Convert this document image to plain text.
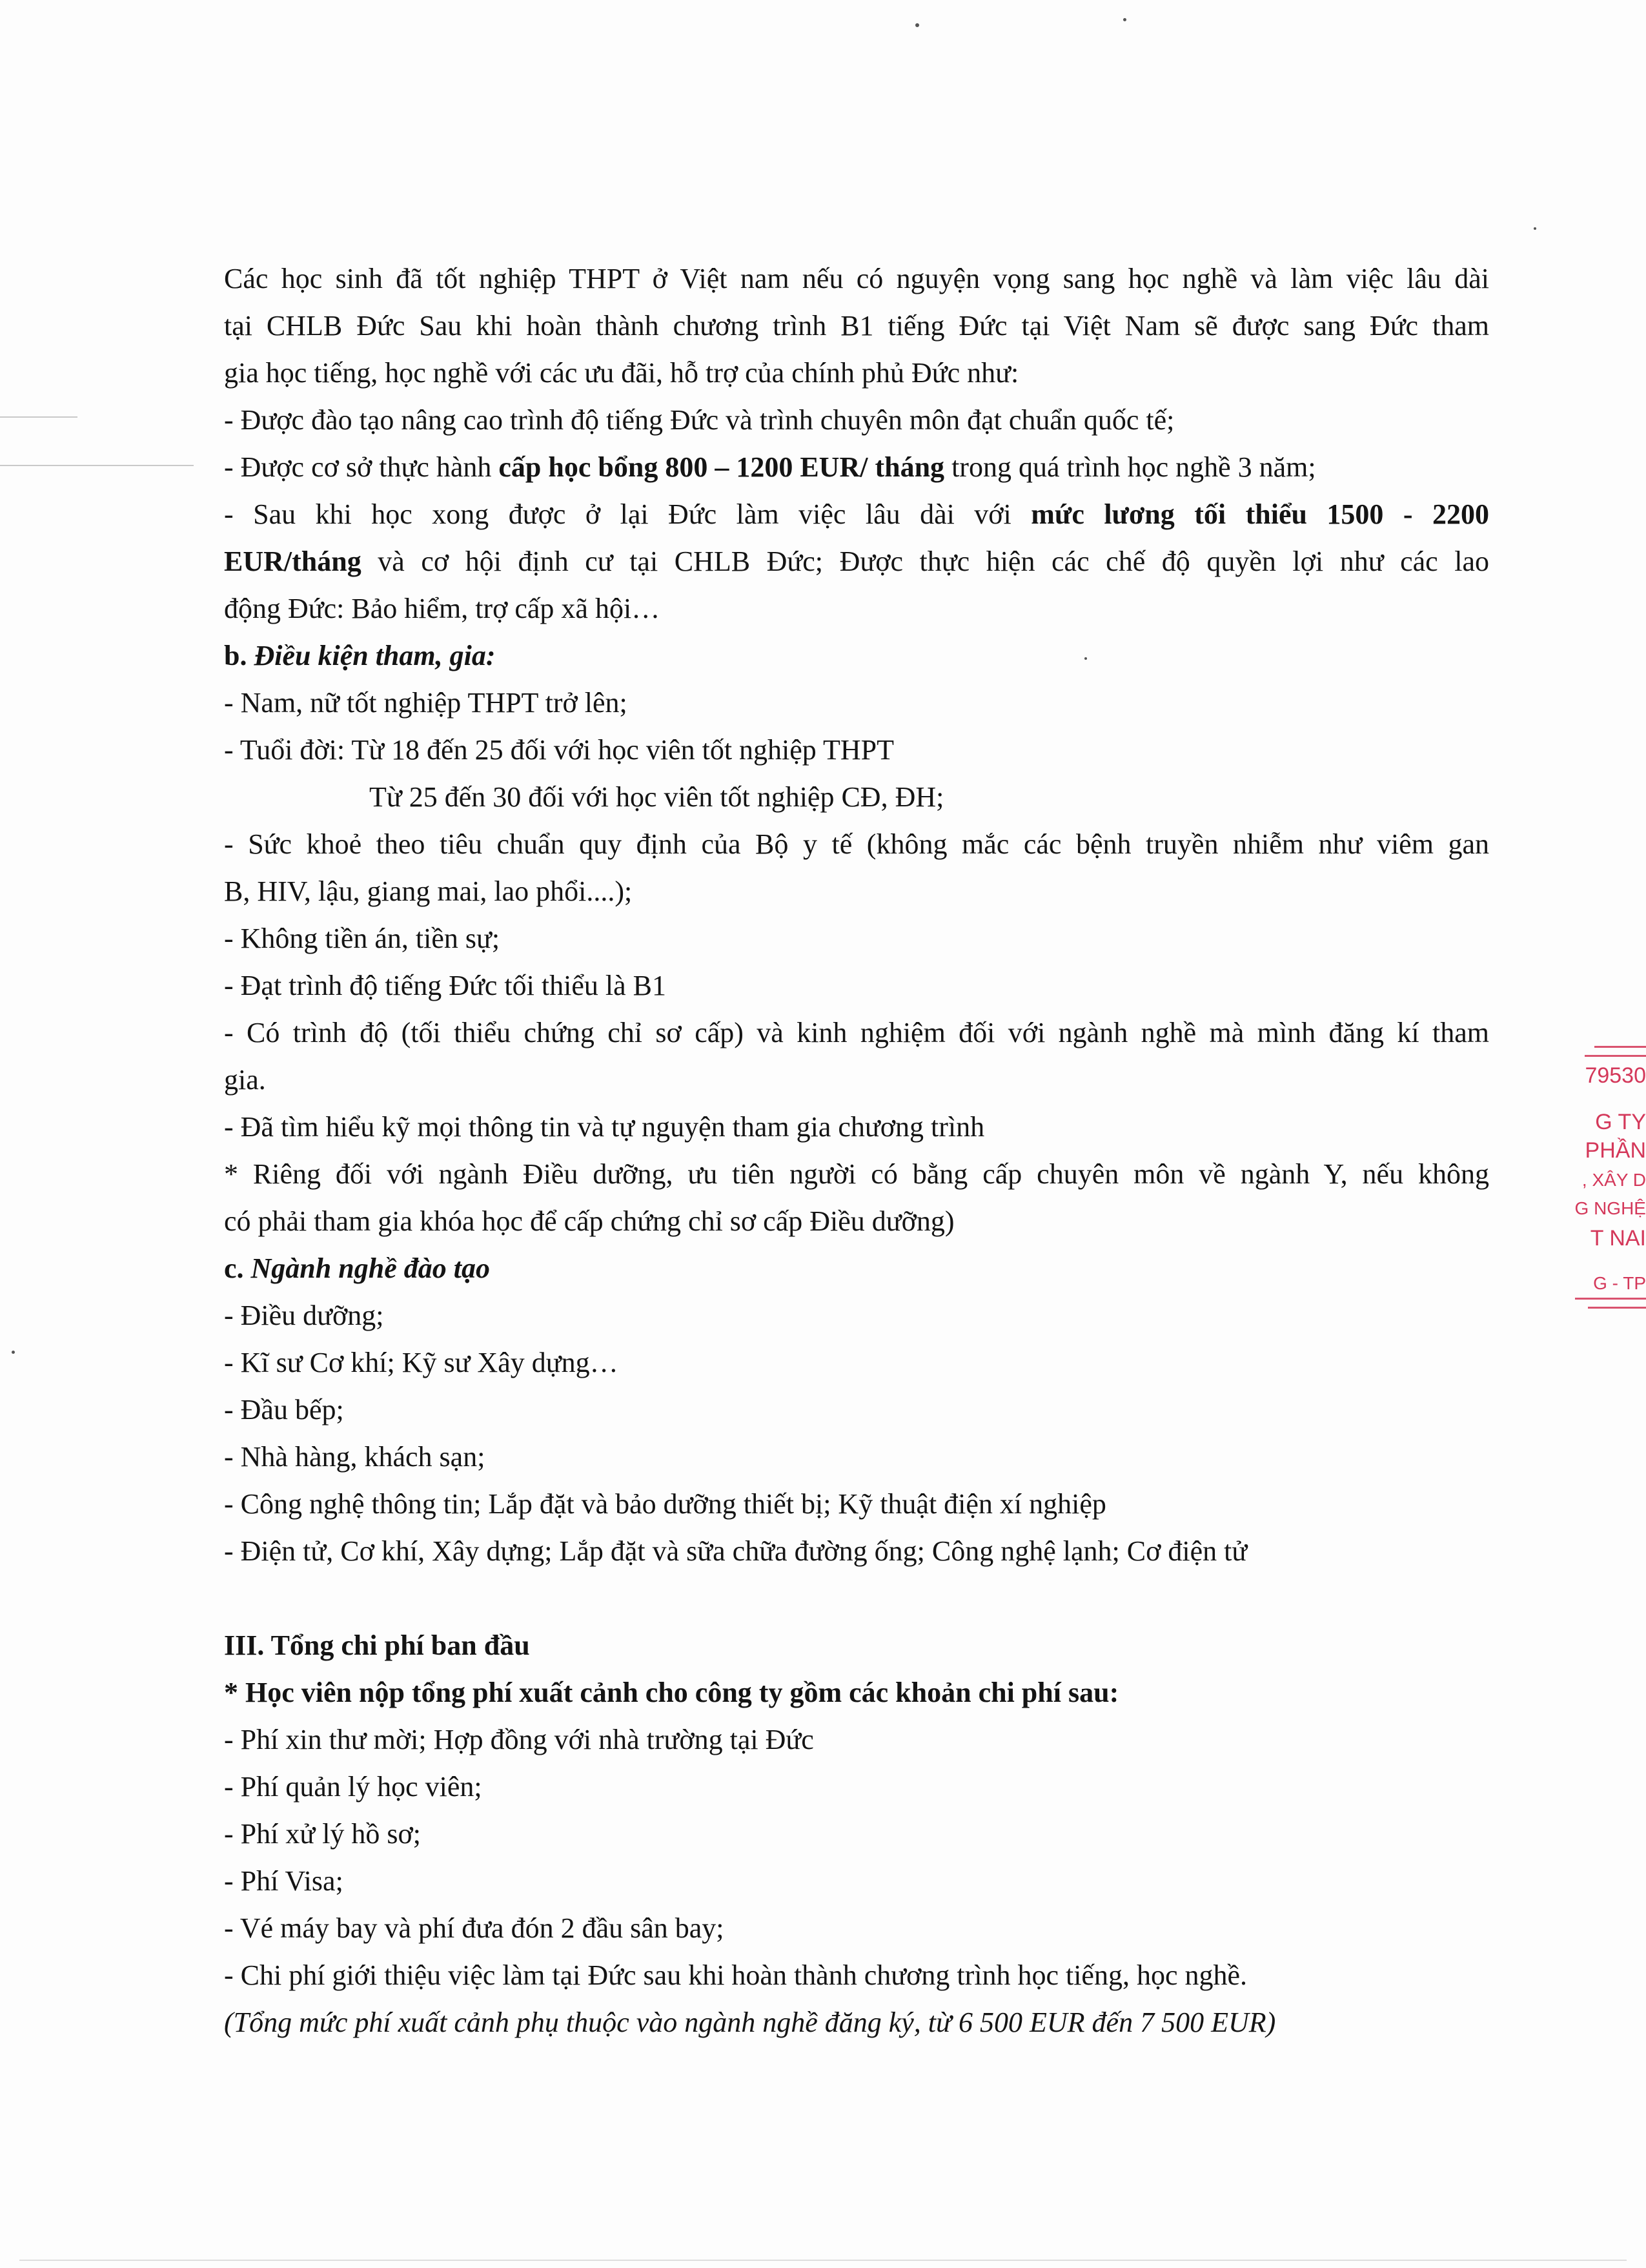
Các học sinh đã tốt nghiệp THPT ở Việt nam nếu có nguyện vọng sang học nghề và làm việc lâu dài
tại CHLB Đức Sau khi hoàn thành chương trình B1 tiếng Đức tại Việt Nam sẽ được sang Đức tham
gia học tiếng, học nghề với các ưu đãi, hỗ trợ của chính phủ Đức như:
- Được đào tạo nâng cao trình độ tiếng Đức và trình chuyên môn đạt chuẩn quốc tế;
- Được cơ sở thực hành cấp học bổng 800 – 1200 EUR/ tháng trong quá trình học nghề 3 năm;
- Sau khi học xong được ở lại Đức làm việc lâu dài với mức lương tối thiểu 1500 - 2200
EUR/tháng và cơ hội định cư tại CHLB Đức; Được thực hiện các chế độ quyền lợi như các lao
động Đức: Bảo hiểm, trợ cấp xã hội…
b. Điều kiện tham, gia:
- Nam, nữ tốt nghiệp THPT trở lên;
- Tuổi đời: Từ 18 đến 25 đối với học viên tốt nghiệp THPT
Từ 25 đến 30 đối với học viên tốt nghiệp CĐ, ĐH;
- Sức khoẻ theo tiêu chuẩn quy định của Bộ y tế (không mắc các bệnh truyền nhiễm như viêm gan
B, HIV, lậu, giang mai, lao phổi....);
- Không tiền án, tiền sự;
- Đạt trình độ tiếng Đức tối thiểu là B1
- Có trình độ (tối thiểu chứng chỉ sơ cấp) và kinh nghiệm đối với ngành nghề mà mình đăng kí tham
gia.
- Đã tìm hiểu kỹ mọi thông tin và tự nguyện tham gia chương trình
* Riêng đối với ngành Điều dưỡng, ưu tiên người có bằng cấp chuyên môn về ngành Y, nếu không
có phải tham gia khóa học để cấp chứng chỉ sơ cấp Điều dưỡng)
c. Ngành nghề đào tạo
- Điều dưỡng;
- Kĩ sư Cơ khí; Kỹ sư Xây dựng…
- Đầu bếp;
- Nhà hàng, khách sạn;
- Công nghệ thông tin; Lắp đặt và bảo dưỡng thiết bị; Kỹ thuật điện xí nghiệp
- Điện tử, Cơ khí, Xây dựng; Lắp đặt và sữa chữa đường ống; Công nghệ lạnh; Cơ điện tử
III. Tổng chi phí ban đầu
* Học viên nộp tổng phí xuất cảnh cho công ty gồm các khoản chi phí sau:
- Phí xin thư mời; Hợp đồng với nhà trường tại Đức
- Phí quản lý học viên;
- Phí xử lý hồ sơ;
- Phí Visa;
- Vé máy bay và phí đưa đón 2 đầu sân bay;
- Chi phí giới thiệu việc làm tại Đức sau khi hoàn thành chương trình học tiếng, học nghề.
(Tổng mức phí xuất cảnh phụ thuộc vào ngành nghề đăng ký, từ 6 500 EUR đến 7 500 EUR)
79530
G TY
PHẦN
, XÂY D
G NGHỆ
T NAI
G - TP
